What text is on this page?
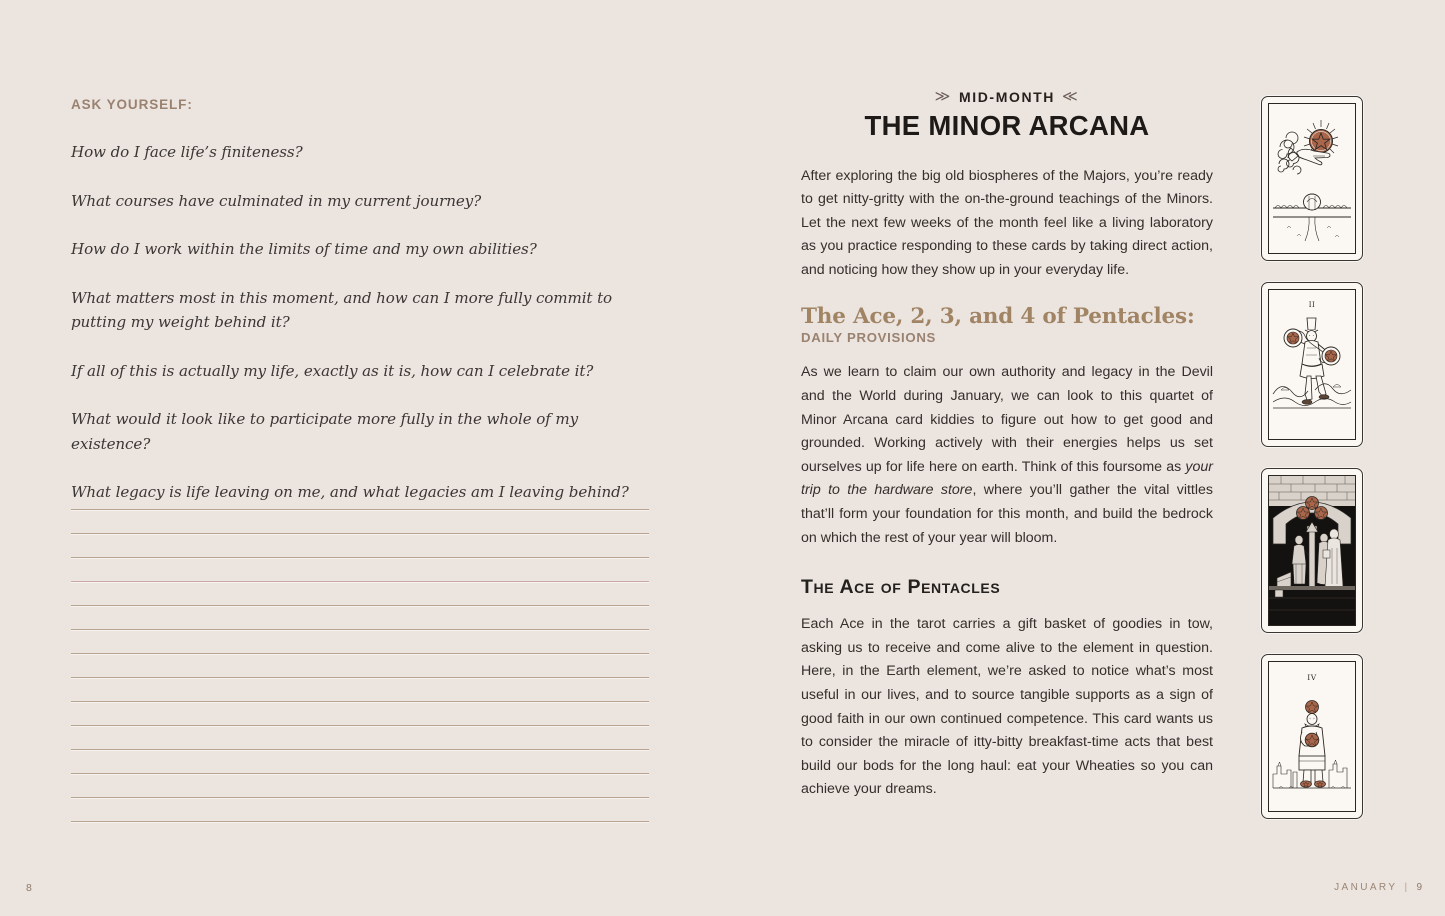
ASK YOURSELF:
How do I face life’s finiteness?
What courses have culminated in my current journey?
How do I work within the limits of time and my own abilities?
What matters most in this moment, and how can I more fully commit to putting my weight behind it?
If all of this is actually my life, exactly as it is, how can I celebrate it?
What would it look like to participate more fully in the whole of my existence?
What legacy is life leaving on me, and what legacies am I leaving behind?
8
≫ MID-MONTH ≪
THE MINOR ARCANA

After exploring the big old biospheres of the Majors, you’re ready to get nitty-gritty with the on-the-ground teachings of the Minors. Let the next few weeks of the month feel like a living laboratory as you practice responding to these cards by taking direct action, and noticing how they show up in your everyday life.

The Ace, 2, 3, and 4 of Pentacles:
DAILY PROVISIONS

As we learn to claim our own authority and legacy in the Devil and the World during January, we can look to this quartet of Minor Arcana card kiddies to figure out how to get good and grounded. Working actively with their energies helps us set ourselves up for life here on earth. Think of this foursome as your trip to the hardware store, where you’ll gather the vital vittles that’ll form your foundation for this month, and build the bedrock on which the rest of your year will bloom.

The Ace of Pentacles

Each Ace in the tarot carries a gift basket of goodies in tow, asking us to receive and come alive to the element in question. Here, in the Earth element, we’re asked to notice what’s most useful in our lives, and to source tangible supports as a sign of good faith in our own continued competence. This card wants us to consider the miracle of itty-bitty breakfast-time acts that best build our bods for the long haul: eat your Wheaties so you can achieve your dreams.

II
IV
JANUARY | 9
